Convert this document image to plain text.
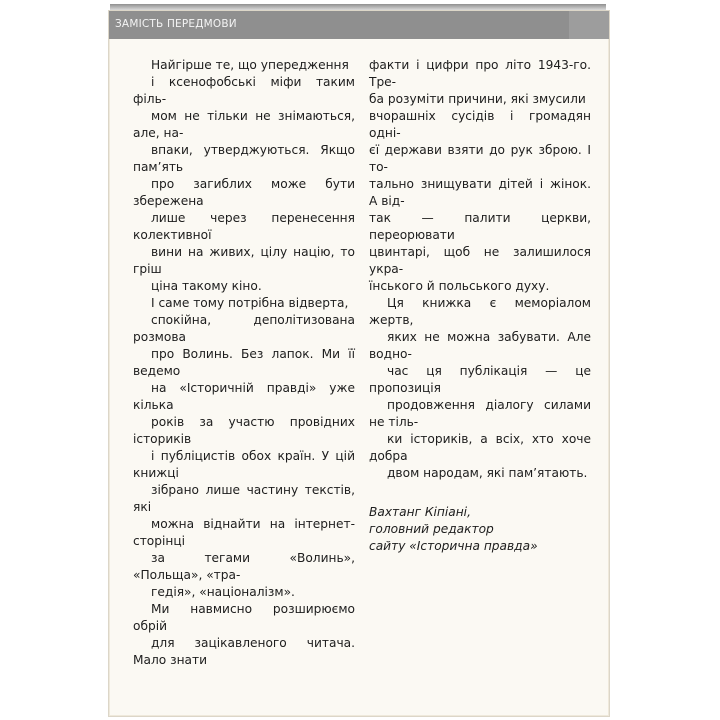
ЗАМІСТЬ ПЕРЕДМОВИ

Найгірше те, що упередження
і ксенофобські міфи таким філь-
мом не тільки не знімаються, але, на-
впаки, утверджуються. Якщо пам’ять
про загиблих може бути збережена
лише через перенесення колективної
вини на живих, цілу націю, то гріш
ціна такому кіно.

І саме тому потрібна відверта,
спокійна, деполітизована розмова
про Волинь. Без лапок. Ми її ведемо
на «Історичній правді» уже кілька
років за участю провідних істориків
і публіцистів обох країн. У цій книжці
зібрано лише частину текстів, які
можна віднайти на інтернет-сторінці
за тегами «Волинь», «Польща», «тра-
гедія», «націоналізм».

Ми навмисно розширюємо обрій
для зацікавленого читача. Мало знати

факти і цифри про літо 1943-го. Тре-
ба розуміти причини, які змусили
вчорашніх сусідів і громадян одні-
єї держави взяти до рук зброю. І то-
тально знищувати дітей і жінок. А від-
так — палити церкви, переорювати
цвинтарі, щоб не залишилося укра-
їнського й польського духу.

Ця книжка є меморіалом жертв,
яких не можна забувати. Але водно-
час ця публікація — це пропозиція
продовження діалогу силами не тіль-
ки істориків, а всіх, хто хоче добра
двом народам, які пам’ятають.

Вахтанг Кіпіані,
головний редактор
сайту «Історична правда»
